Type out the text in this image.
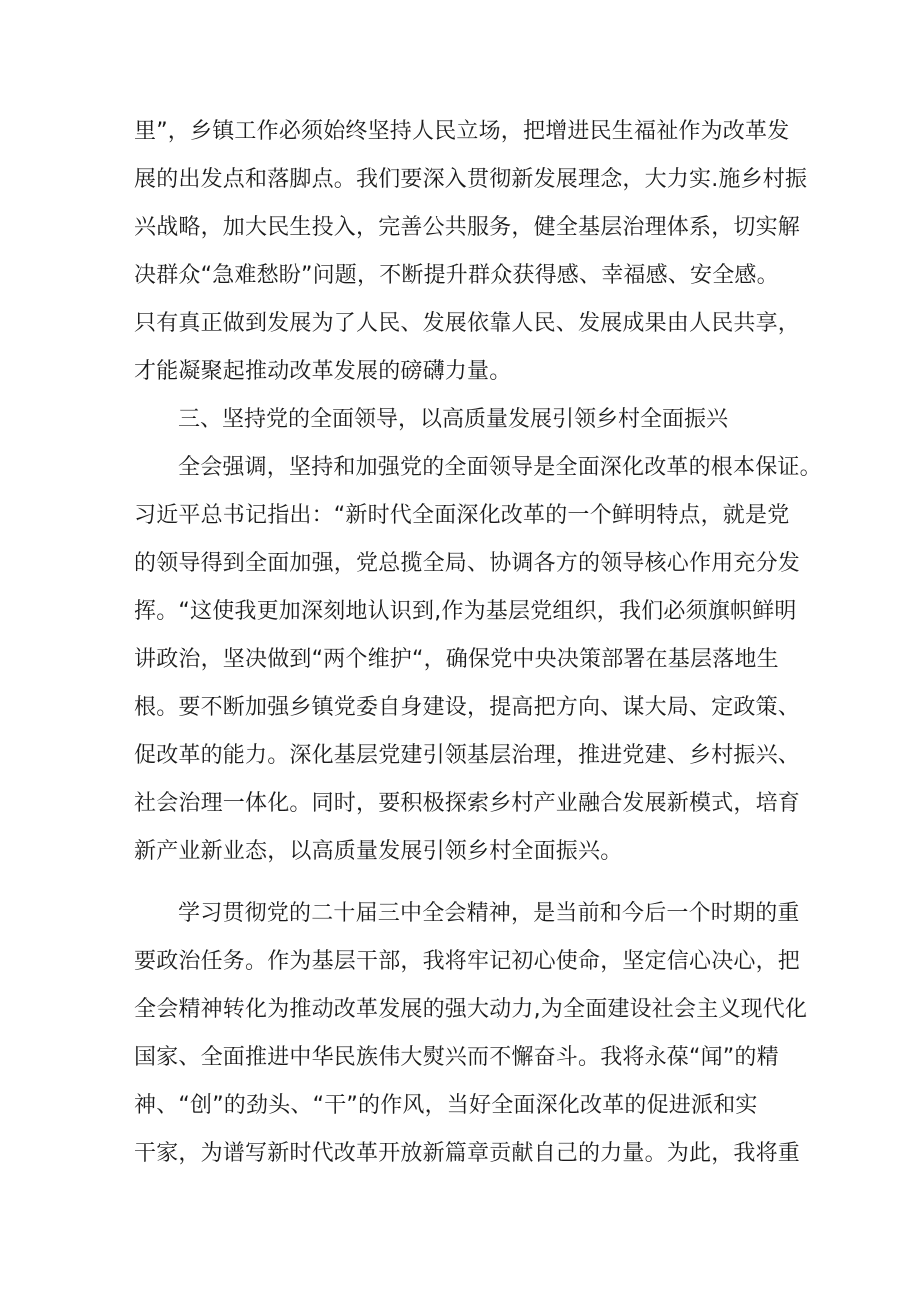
里”，乡镇工作必须始终坚持人民立场，把增进民生福祉作为改革发
展的出发点和落脚点。我们要深入贯彻新发展理念，大力实.施乡村振
兴战略，加大民生投入，完善公共服务，健全基层治理体系，切实解
决群众“急难愁盼”问题，不断提升群众获得感、幸福感、安全感。
只有真正做到发展为了人民、发展依靠人民、发展成果由人民共享，
才能凝聚起推动改革发展的磅礴力量。
三、坚持党的全面领导，以高质量发展引领乡村全面振兴
全会强调，坚持和加强党的全面领导是全面深化改革的根本保证。
习近平总书记指出：“新时代全面深化改革的一个鲜明特点，就是党
的领导得到全面加强，党总揽全局、协调各方的领导核心作用充分发
挥。“这使我更加深刻地认识到,作为基层党组织，我们必须旗帜鲜明
讲政治，坚决做到“两个维护“，确保党中央决策部署在基层落地生
根。要不断加强乡镇党委自身建设，提高把方向、谋大局、定政策、
促改革的能力。深化基层党建引领基层治理，推进党建、乡村振兴、
社会治理一体化。同时，要积极探索乡村产业融合发展新模式，培育
新产业新业态，以高质量发展引领乡村全面振兴。
学习贯彻党的二十届三中全会精神，是当前和今后一个时期的重
要政治任务。作为基层干部，我将牢记初心使命，坚定信心决心，把
全会精神转化为推动改革发展的强大动力,为全面建设社会主义现代化
国家、全面推进中华民族伟大熨兴而不懈奋斗。我将永葆“闻”的精
神、“创”的劲头、“干”的作风，当好全面深化改革的促进派和实
干家，为谱写新时代改革开放新篇章贡献自己的力量。为此，我将重
